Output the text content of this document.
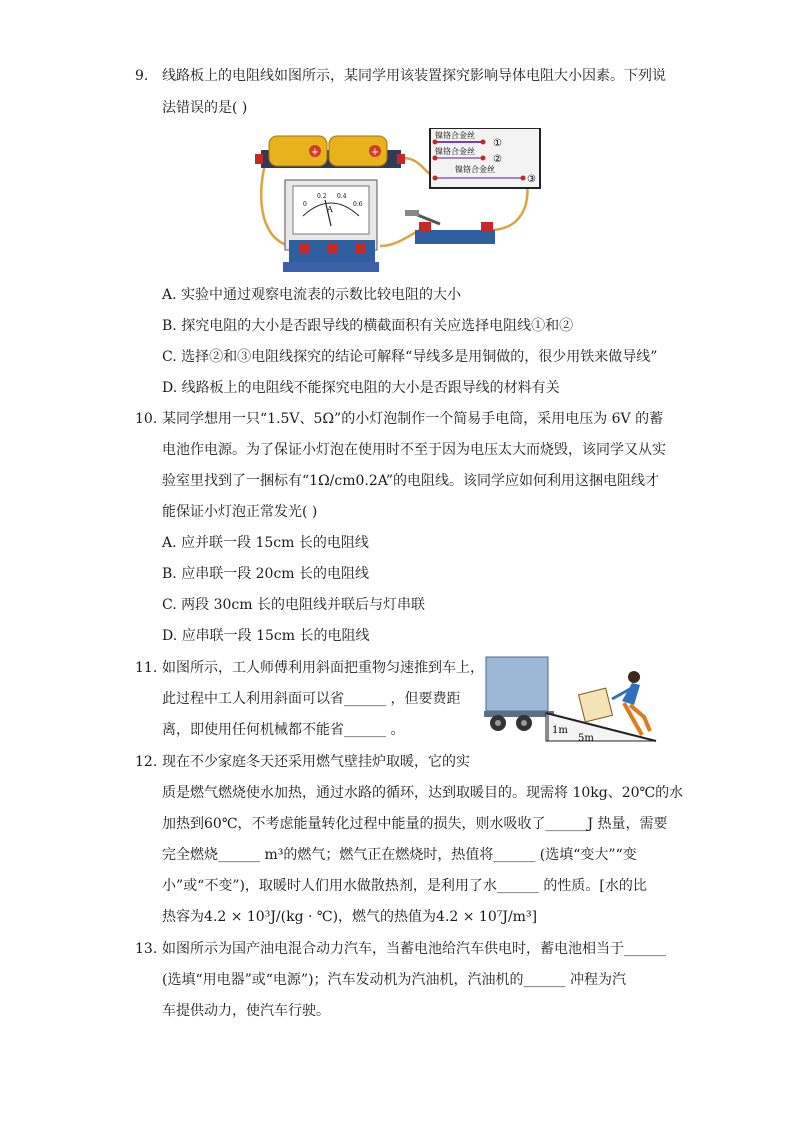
9. 线路板上的电阻线如图所示，某同学用该装置探究影响导体电阻大小因素。下列说
法错误的是( )
+	+
镍铬合金丝
①
镍铬合金丝
②
镍铬合金丝
③
0
0.2 0.4
0.6
A
A. 实验中通过观察电流表的示数比较电阻的大小
B. 探究电阻的大小是否跟导线的横截面积有关应选择电阻线①和②
C. 选择②和③电阻线探究的结论可解释“导线多是用铜做的，很少用铁来做导线”
D. 线路板上的电阻线不能探究电阻的大小是否跟导线的材料有关
10. 某同学想用一只“1.5V、5Ω”的小灯泡制作一个简易手电筒，采用电压为 6V 的蓄
电池作电源。为了保证小灯泡在使用时不至于因为电压太大而烧毁，该同学又从实
验室里找到了一捆标有“1Ω/cm0.2A”的电阻线。该同学应如何利用这捆电阻线才
能保证小灯泡正常发光( )
A. 应并联一段 15cm 长的电阻线
B. 应串联一段 20cm 长的电阻线
C. 两段 30cm 长的电阻线并联后与灯串联
D. 应串联一段 15cm 长的电阻线
11. 如图所示，工人师傅利用斜面把重物匀速推到车上，
此过程中工人利用斜面可以省______ ，但要费距
离，即使用任何机械都不能省______ 。	1m
5m
12. 现在不少家庭冬天还采用燃气壁挂炉取暖，它的实
质是燃气燃烧使水加热，通过水路的循环，达到取暖目的。现需将 10kg、20℃的水
加热到60℃，不考虑能量转化过程中能量的损失，则水吸收了______J 热量，需要
完全燃烧______ m³的燃气；燃气正在燃烧时，热值将______ (选填“变大”“变
小”或“不变”)，取暖时人们用水做散热剂，是利用了水______ 的性质。[水的比
热容为4.2 × 10³J/(kg · ℃)，燃气的热值为4.2 × 10⁷J/m³]
13. 如图所示为国产油电混合动力汽车，当蓄电池给汽车供电时，蓄电池相当于______
(选填“用电器”或“电源”)；汽车发动机为汽油机，汽油机的______ 冲程为汽
车提供动力，使汽车行驶。
